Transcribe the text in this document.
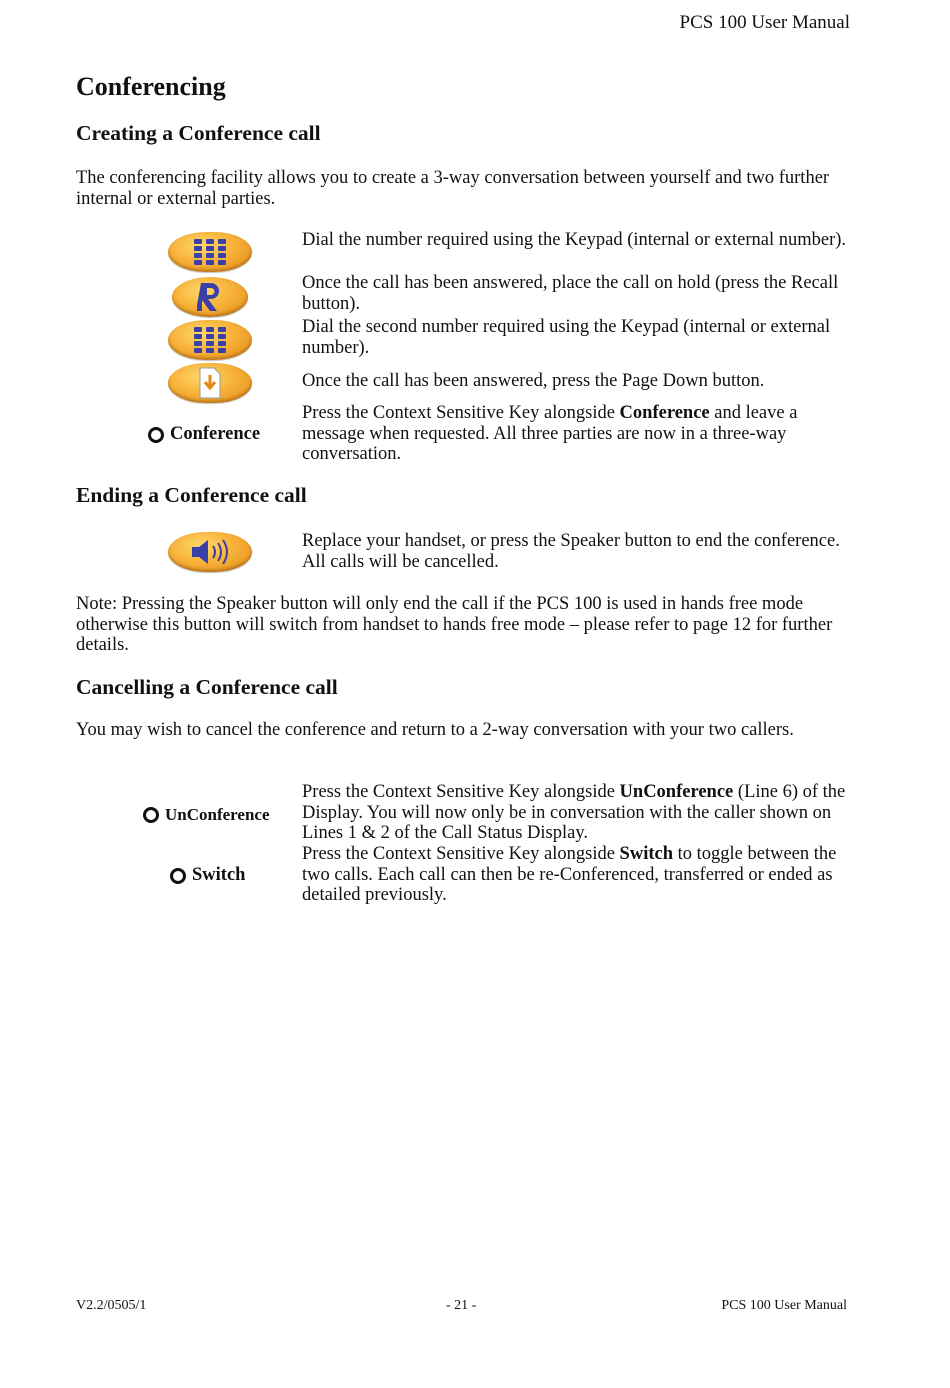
PCS 100 User Manual
Conferencing
Creating a Conference call
The conferencing facility allows you to create a 3-way conversation between yourself and two further internal or external parties.
Dial the number required using the Keypad (internal or external number).
Once the call has been answered, place the call on hold (press the Recall button).
Dial the second number required using the Keypad (internal or external number).
Once the call has been answered, press the Page Down button.
Conference
Press the Context Sensitive Key alongside Conference and leave a message when requested. All three parties are now in a three-way conversation.
Ending a Conference call
Replace your handset, or press the Speaker button to end the conference. All calls will be cancelled.
Note: Pressing the Speaker button will only end the call if the PCS 100 is used in hands free mode otherwise this button will switch from handset to hands free mode – please refer to page 12 for further details.
Cancelling a Conference call
You may wish to cancel the conference and return to a 2-way conversation with your two callers.
UnConference
Press the Context Sensitive Key alongside UnConference (Line 6) of the Display. You will now only be in conversation with the caller shown on Lines 1 & 2 of the Call Status Display.
Switch
Press the Context Sensitive Key alongside Switch to toggle between the two calls. Each call can then be re-Conferenced, transferred or ended as detailed previously.
V2.2/0505/1	- 21 -	PCS 100 User Manual
